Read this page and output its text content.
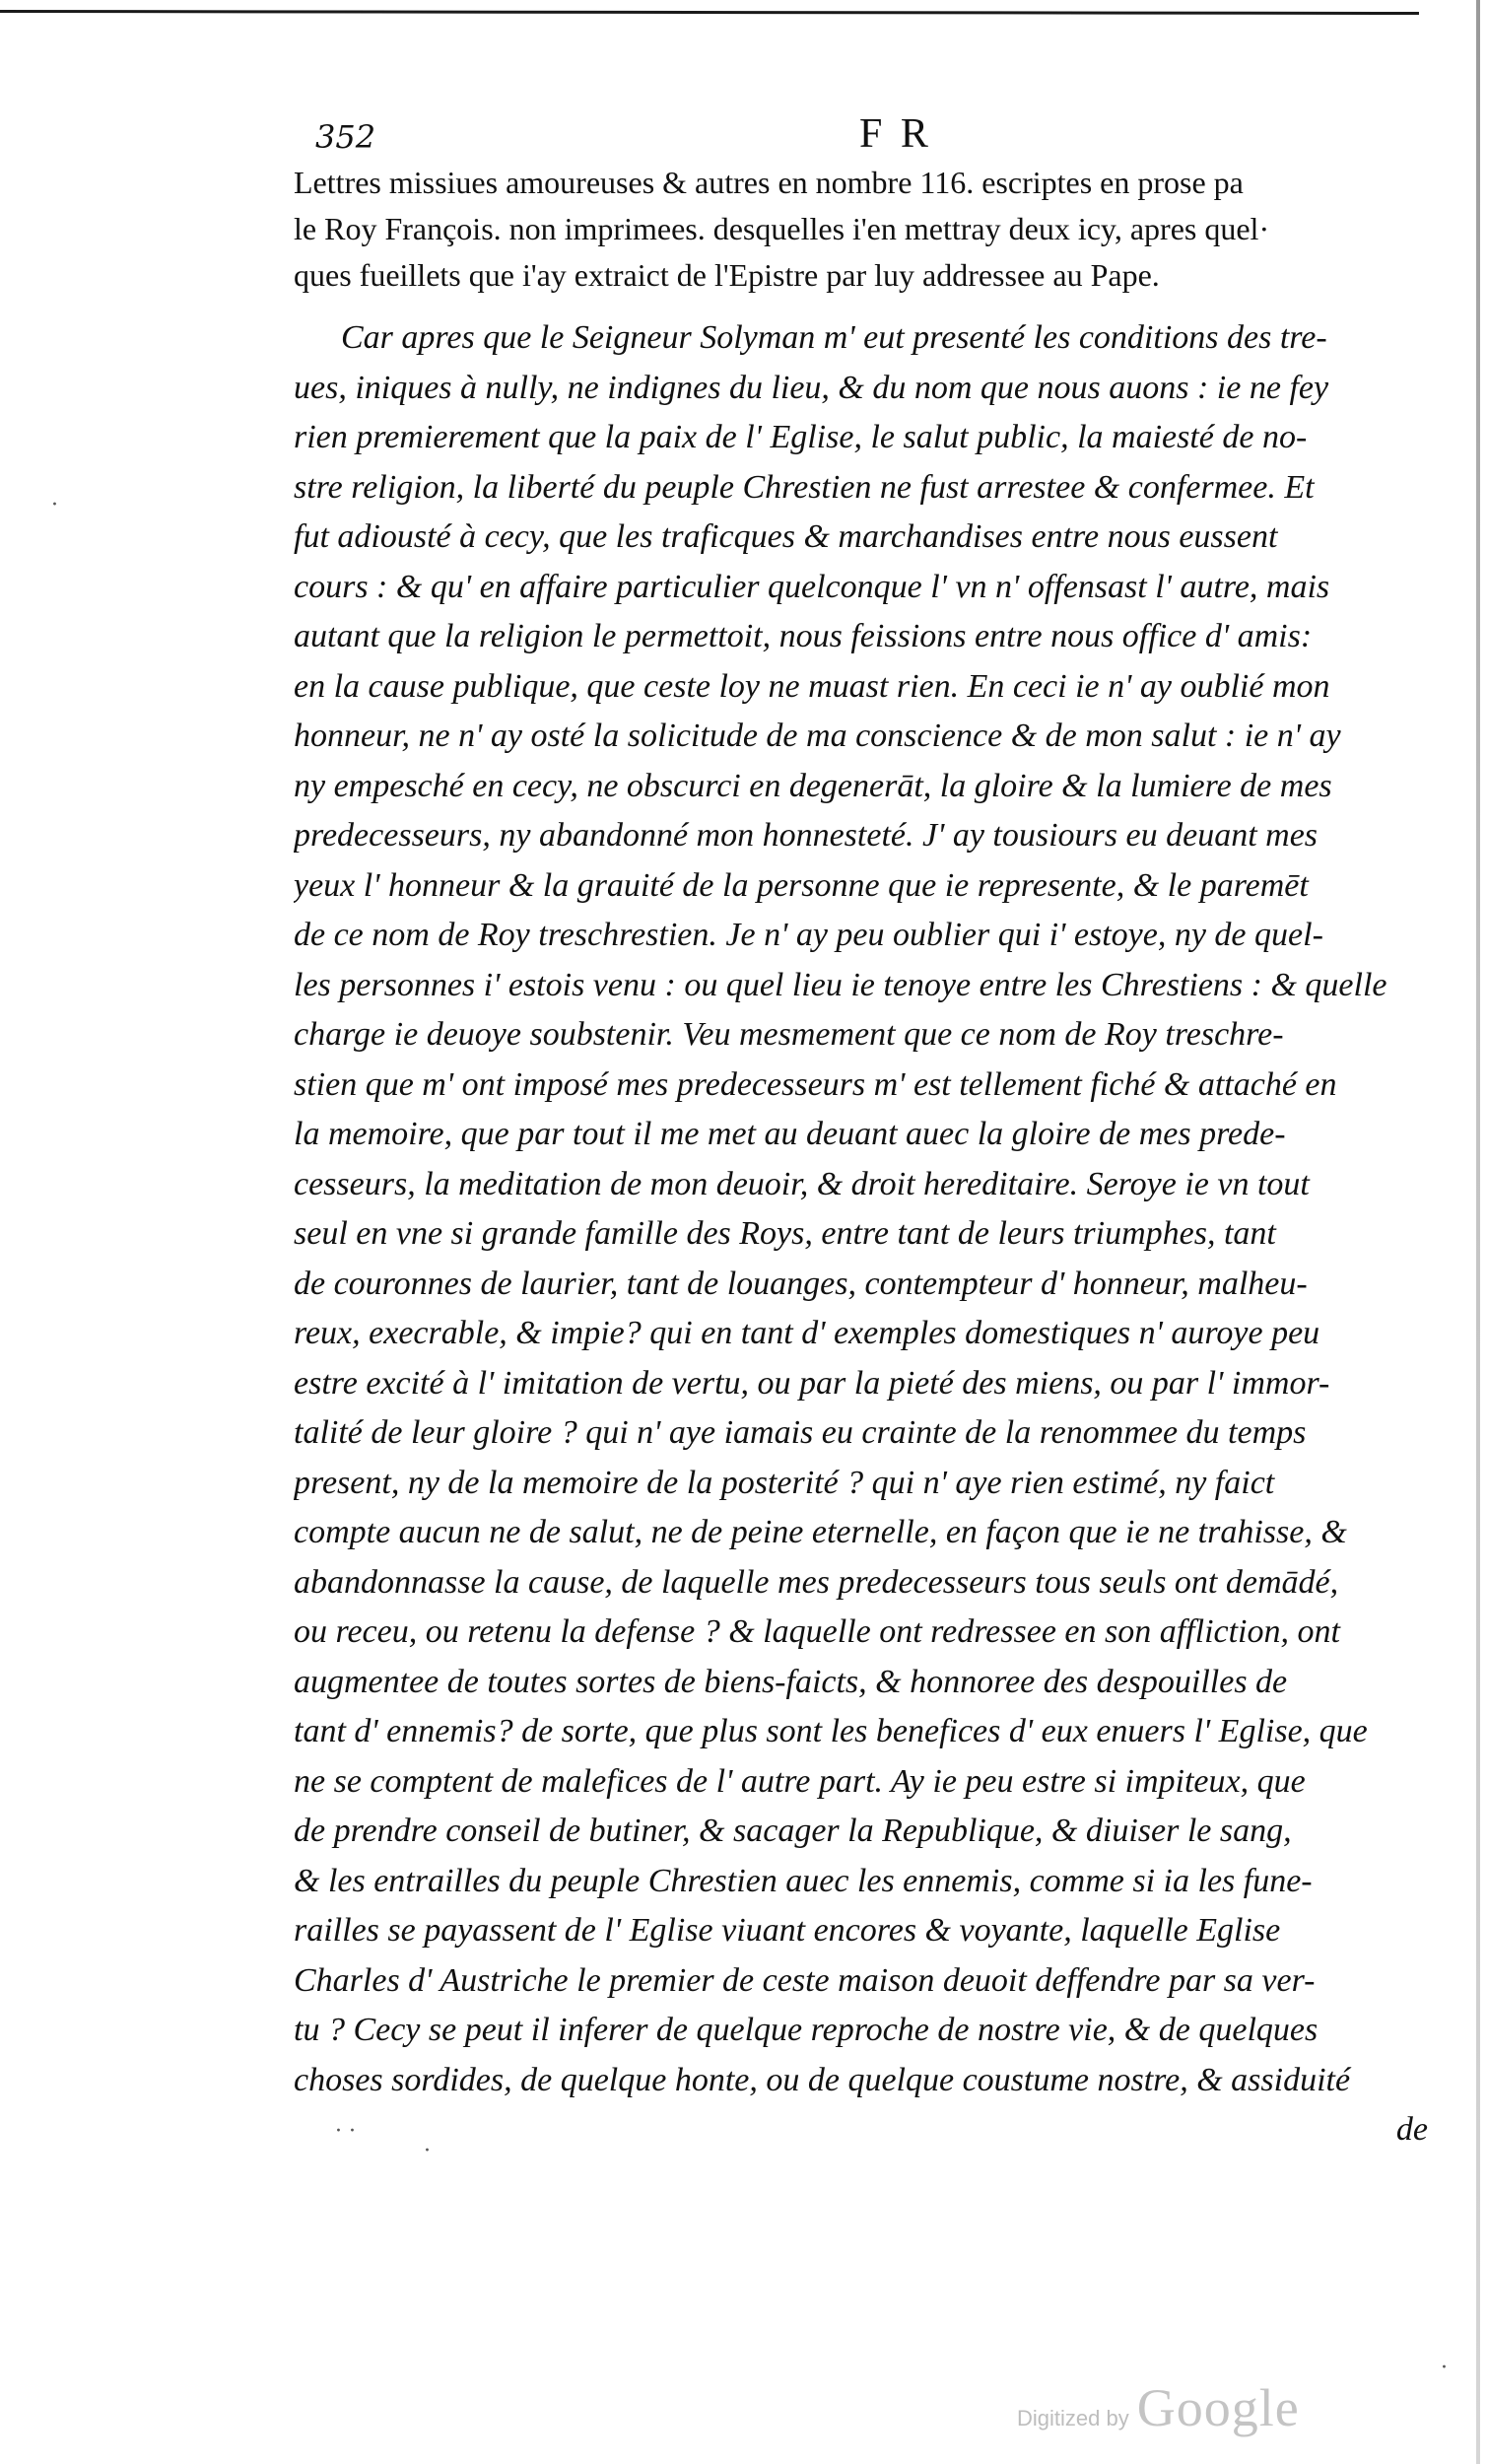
352	F R
Lettres missiues amoureuses & autres en nombre 116. escriptes en prose pa
le Roy François. non imprimees. desquelles i'en mettray deux icy, apres quel·
ques fueillets que i'ay extraict de l'Epistre par luy addressee au Pape.
Car apres que le Seigneur Solyman m' eut presenté les conditions des tre-
ues, iniques à nully, ne indignes du lieu, & du nom que nous auons : ie ne fey
rien premierement que la paix de l' Eglise, le salut public, la maiesté de no-
stre religion, la liberté du peuple Chrestien ne fust arrestee & confermee. Et
fut adiousté à cecy, que les traficques & marchandises entre nous eussent
cours : & qu' en affaire particulier quelconque l' vn n' offensast l' autre, mais
autant que la religion le permettoit, nous feissions entre nous office d' amis:
en la cause publique, que ceste loy ne muast rien. En ceci ie n' ay oublié mon
honneur, ne n' ay osté la solicitude de ma conscience & de mon salut : ie n' ay
ny empesché en cecy, ne obscurci en degenerāt, la gloire & la lumiere de mes
predecesseurs, ny abandonné mon honnesteté. J' ay tousiours eu deuant mes
yeux l' honneur & la grauité de la personne que ie represente, & le paremēt
de ce nom de Roy treschrestien. Je n' ay peu oublier qui i' estoye, ny de quel-
les personnes i' estois venu : ou quel lieu ie tenoye entre les Chrestiens : & quelle
charge ie deuoye soubstenir. Veu mesmement que ce nom de Roy treschre-
stien que m' ont imposé mes predecesseurs m' est tellement fiché & attaché en
la memoire, que par tout il me met au deuant auec la gloire de mes prede-
cesseurs, la meditation de mon deuoir, & droit hereditaire. Seroye ie vn tout
seul en vne si grande famille des Roys, entre tant de leurs triumphes, tant
de couronnes de laurier, tant de louanges, contempteur d' honneur, malheu-
reux, execrable, & impie? qui en tant d' exemples domestiques n' auroye peu
estre excité à l' imitation de vertu, ou par la pieté des miens, ou par l' immor-
talité de leur gloire ? qui n' aye iamais eu crainte de la renommee du temps
present, ny de la memoire de la posterité ? qui n' aye rien estimé, ny faict
compte aucun ne de salut, ne de peine eternelle, en façon que ie ne trahisse, &
abandonnasse la cause, de laquelle mes predecesseurs tous seuls ont demādé,
ou receu, ou retenu la defense ? & laquelle ont redressee en son affliction, ont
augmentee de toutes sortes de biens-faicts, & honnoree des despouilles de
tant d' ennemis? de sorte, que plus sont les benefices d' eux enuers l' Eglise, que
ne se comptent de malefices de l' autre part. Ay ie peu estre si impiteux, que
de prendre conseil de butiner, & sacager la Republique, & diuiser le sang,
& les entrailles du peuple Chrestien auec les ennemis, comme si ia les fune-
railles se payassent de l' Eglise viuant encores & voyante, laquelle Eglise
Charles d' Austriche le premier de ceste maison deuoit deffendre par sa ver-
tu ? Cecy se peut il inferer de quelque reproche de nostre vie, & de quelques
choses sordides, de quelque honte, ou de quelque coustume nostre, & assiduité
de
·
· ·
·
·
Digitized by Google
